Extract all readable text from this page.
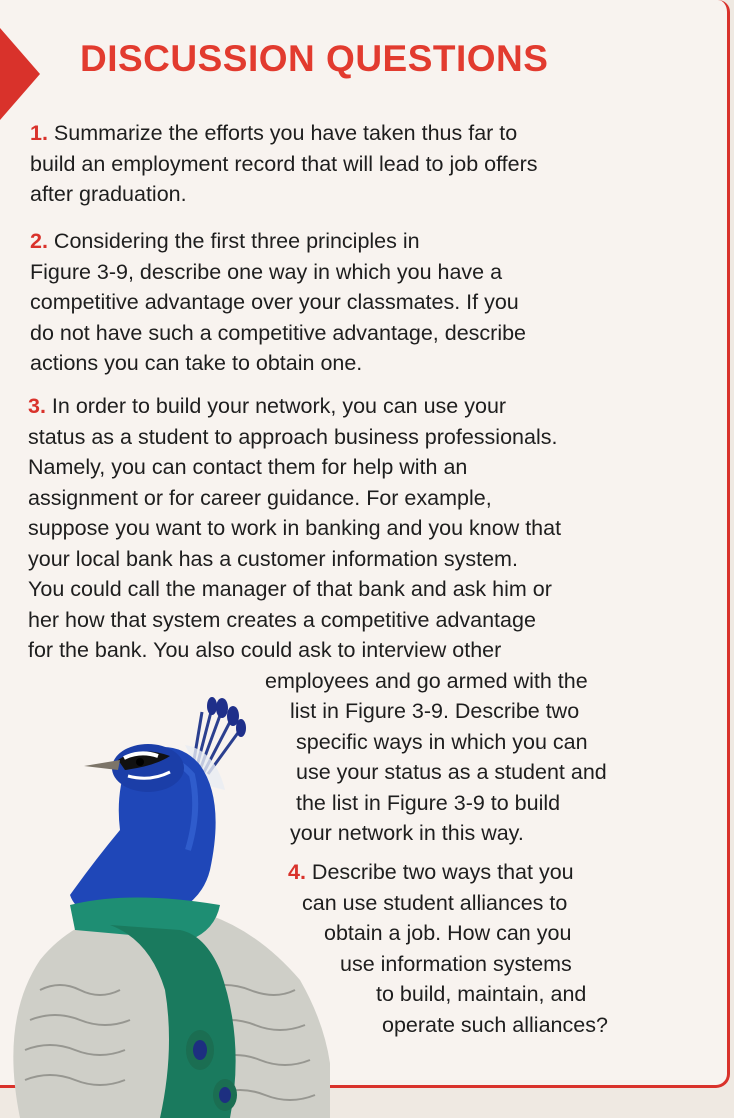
DISCUSSION QUESTIONS
1. Summarize the efforts you have taken thus far to
build an employment record that will lead to job offers
after graduation.
2. Considering the first three principles in
Figure 3-9, describe one way in which you have a
competitive advantage over your classmates. If you
do not have such a competitive advantage, describe
actions you can take to obtain one.
3. In order to build your network, you can use your
status as a student to approach business professionals.
Namely, you can contact them for help with an
assignment or for career guidance. For example,
suppose you want to work in banking and you know that
your local bank has a customer information system.
You could call the manager of that bank and ask him or
her how that system creates a competitive advantage
for the bank. You also could ask to interview other
employees and go armed with the
list in Figure 3-9. Describe two
specific ways in which you can
use your status as a student and
the list in Figure 3-9 to build
your network in this way.
4. Describe two ways that you
can use student alliances to
obtain a job. How can you
use information systems
to build, maintain, and
operate such alliances?
